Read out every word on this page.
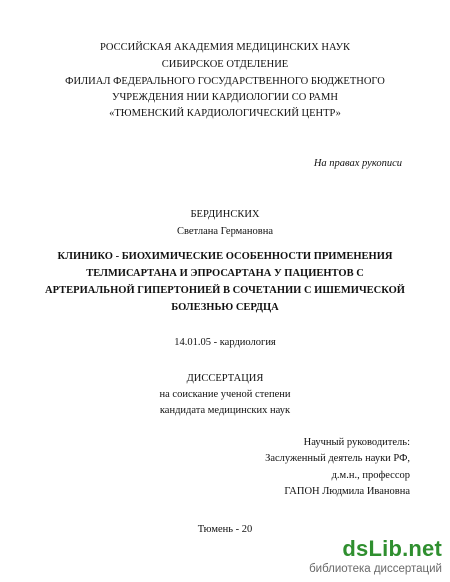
РОССИЙСКАЯ АКАДЕМИЯ МЕДИЦИНСКИХ НАУК
СИБИРСКОЕ ОТДЕЛЕНИЕ
ФИЛИАЛ ФЕДЕРАЛЬНОГО ГОСУДАРСТВЕННОГО БЮДЖЕТНОГО
УЧРЕЖДЕНИЯ НИИ КАРДИОЛОГИИ СО РАМН
«ТЮМЕНСКИЙ КАРДИОЛОГИЧЕСКИЙ ЦЕНТР»
На правах рукописи
БЕРДИНСКИХ
Светлана Германовна
КЛИНИКО - БИОХИМИЧЕСКИЕ ОСОБЕННОСТИ ПРИМЕНЕНИЯ
ТЕЛМИСАРТАНА И ЭПРОСАРТАНА У ПАЦИЕНТОВ С
АРТЕРИАЛЬНОЙ ГИПЕРТОНИЕЙ В СОЧЕТАНИИ С ИШЕМИЧЕСКОЙ
БОЛЕЗНЬЮ СЕРДЦА
14.01.05 - кардиология
ДИССЕРТАЦИЯ
на соискание ученой степени
кандидата медицинских наук
Научный руководитель:
Заслуженный деятель науки РФ,
д.м.н., профессор
ГАПОН Людмила Ивановна
Тюмень - 20
dsLib.net
библиотека диссертаций
